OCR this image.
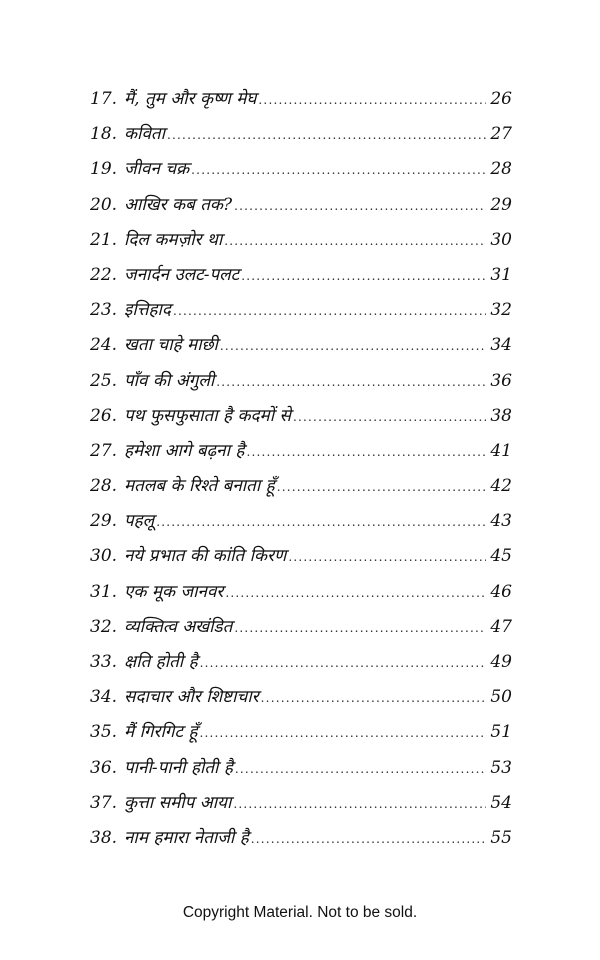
17. मैं, तुम और कृष्ण मेघ .....	26
18. कविता .....	27
19. जीवन चक्र .....	28
20. आखिर कब तक? .....	29
21. दिल कमज़ोर था .....	30
22. जनार्दन उलट-पलट .....	31
23. इत्तिहाद .....	32
24. खता चाहे माछी .....	34
25. पाँव की अंगुली .....	36
26. पथ फुसफुसाता है कदमों से .....	38
27. हमेशा आगे बढ़ना है .....	41
28. मतलब के रिश्ते बनाता हूँ .....	42
29. पहलू .....	43
30. नये प्रभात की कांति किरण .....	45
31. एक मूक जानवर .....	46
32. व्यक्तित्व अखंडित .....	47
33. क्षति होती है .....	49
34. सदाचार और शिष्टाचार .....	50
35. मैं गिरगिट हूँ .....	51
36. पानी-पानी होती है .....	53
37. कुत्ता समीप आया .....	54
38. नाम हमारा नेताजी है .....	55
Copyright Material. Not to be sold.
